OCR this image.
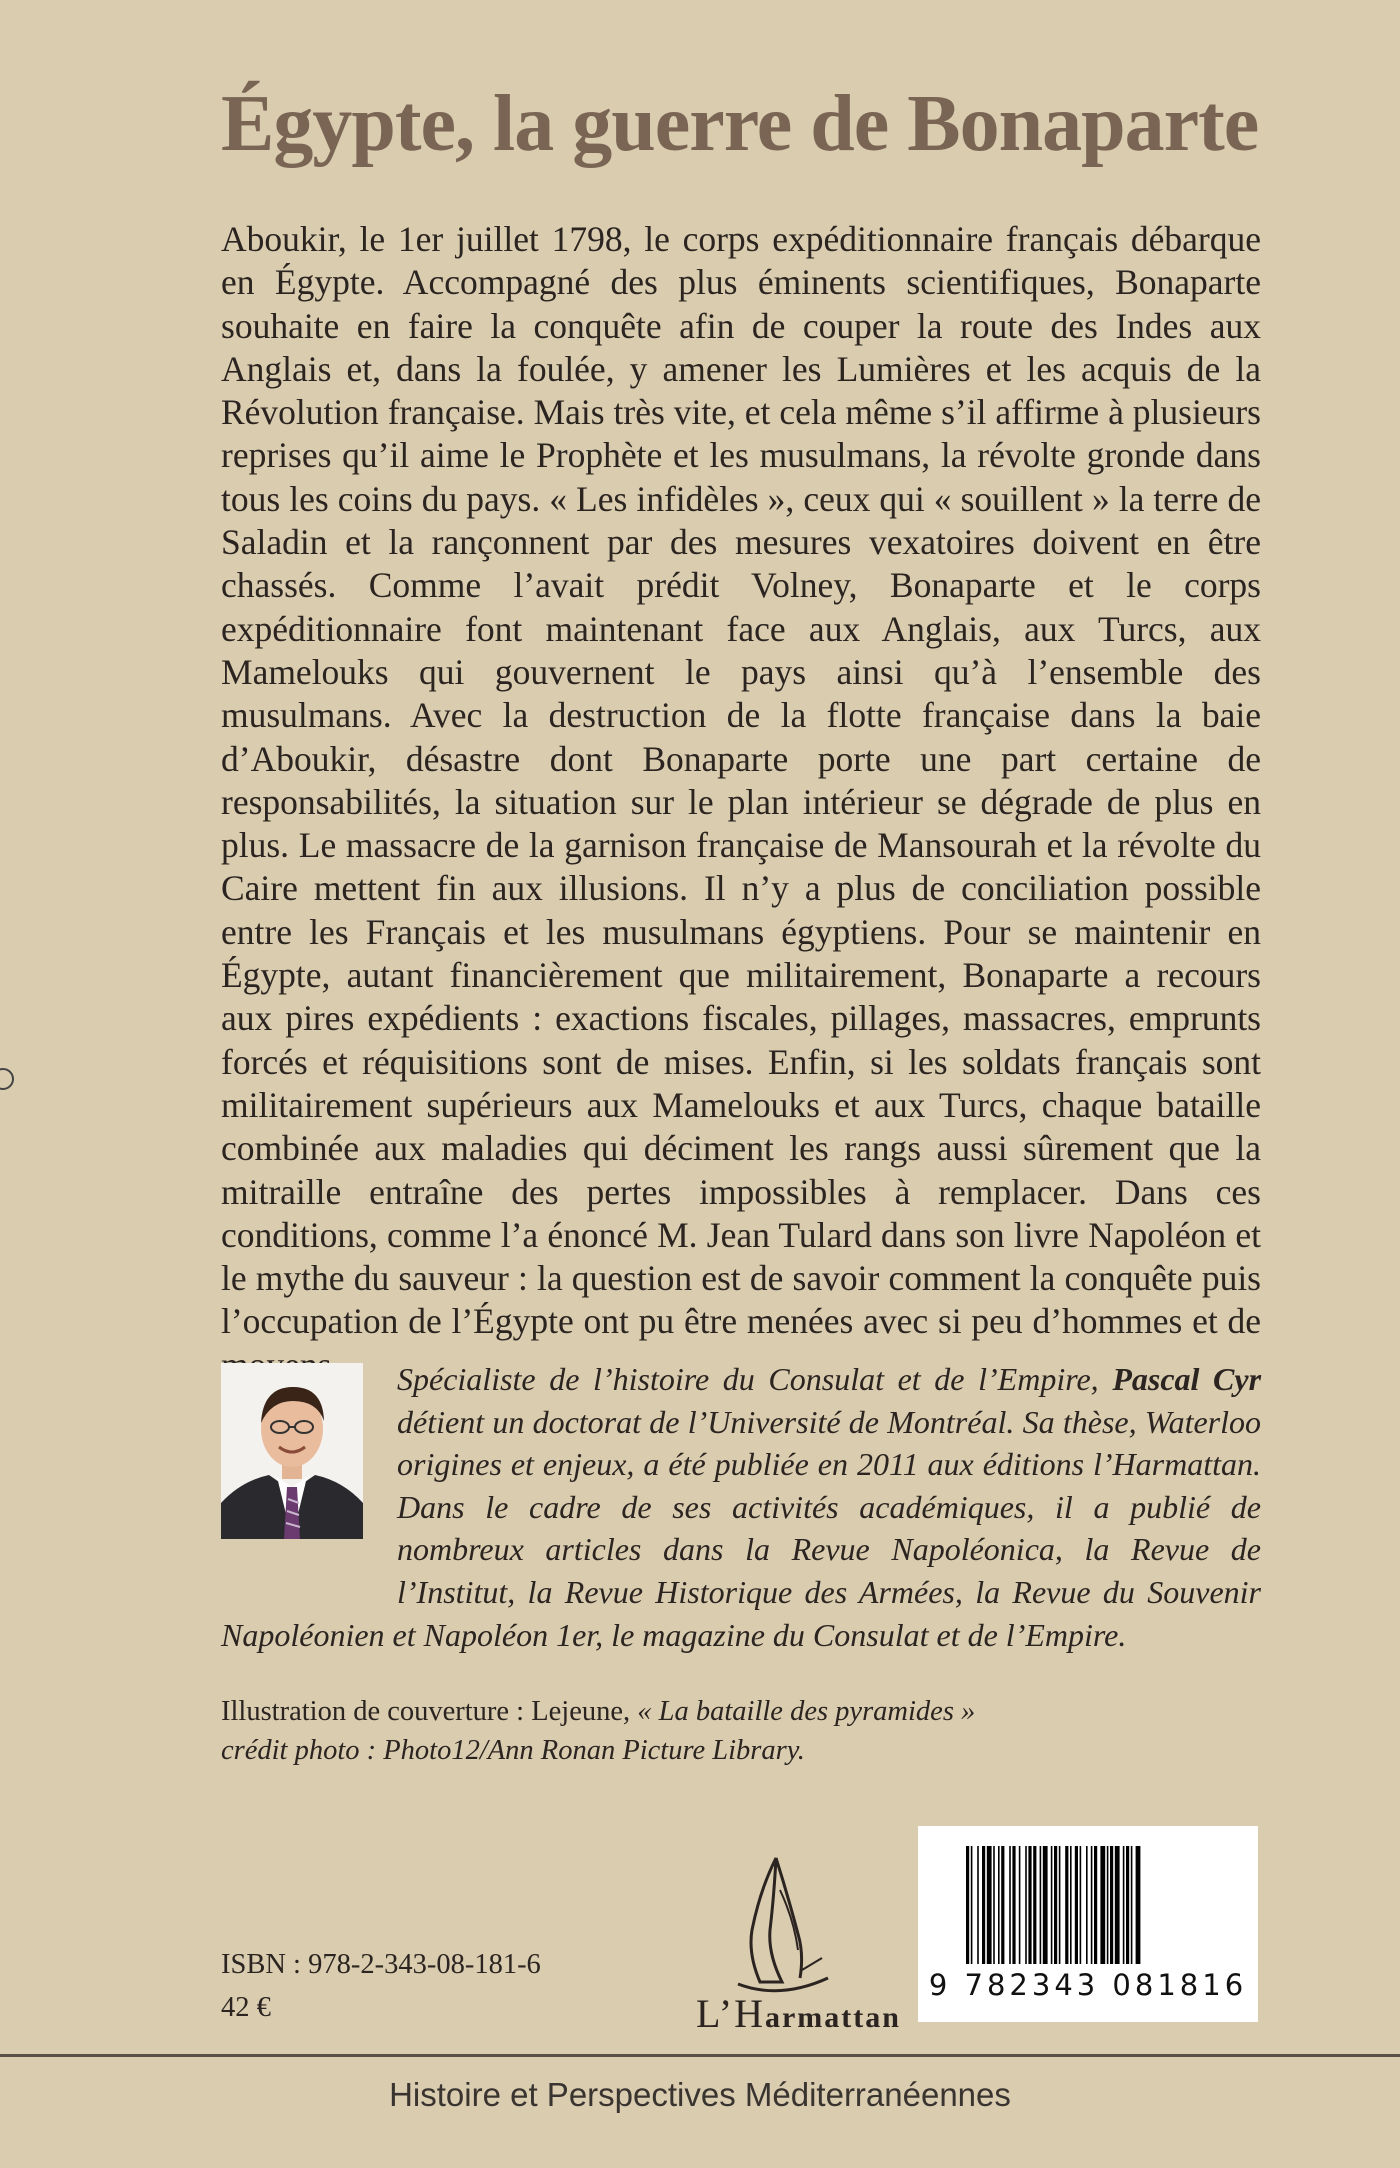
Égypte, la guerre de Bonaparte

Aboukir, le 1er juillet 1798, le corps expéditionnaire français débarque en Égypte. Accompagné des plus éminents scientifiques, Bonaparte souhaite en faire la conquête afin de couper la route des Indes aux Anglais et, dans la foulée, y amener les Lumières et les acquis de la Révolution française. Mais très vite, et cela même s’il affirme à plusieurs reprises qu’il aime le Prophète et les musulmans, la révolte gronde dans tous les coins du pays. « Les infidèles », ceux qui « souillent » la terre de Saladin et la rançonnent par des mesures vexatoires doivent en être chassés. Comme l’avait prédit Volney, Bonaparte et le corps expéditionnaire font maintenant face aux Anglais, aux Turcs, aux Mamelouks qui gouvernent le pays ainsi qu’à l’ensemble des musulmans. Avec la destruction de la flotte française dans la baie d’Aboukir, désastre dont Bonaparte porte une part certaine de responsabilités, la situation sur le plan intérieur se dégrade de plus en plus. Le massacre de la garnison française de Mansourah et la révolte du Caire mettent fin aux illusions. Il n’y a plus de conciliation possible entre les Français et les musulmans égyptiens. Pour se maintenir en Égypte, autant financièrement que militairement, Bonaparte a recours aux pires expédients : exactions fiscales, pillages, massacres, emprunts forcés et réquisitions sont de mises. Enfin, si les soldats français sont militairement supérieurs aux Mamelouks et aux Turcs, chaque bataille combinée aux maladies qui déciment les rangs aussi sûrement que la mitraille entraîne des pertes impossibles à remplacer. Dans ces conditions, comme l’a énoncé M. Jean Tulard dans son livre Napoléon et le mythe du sauveur : la question est de savoir comment la conquête puis l’occupation de l’Égypte ont pu être menées avec si peu d’hommes et de

Spécialiste de l’histoire du Consulat et de l’Empire, Pascal Cyr détient un doctorat de l’Université de Montréal. Sa thèse, Waterloo origines et enjeux, a été publiée en 2011 aux éditions l’Harmattan. Dans le cadre de ses activités académiques, il a publié de nombreux articles dans la Revue Napoléonica, la Revue de l’Institut, la Revue Historique des Armées, la Revue du Souvenir Napoléonien et Napoléon 1er, le magazine du Consulat et de l’Empire.

Illustration de couverture : Lejeune, « La bataille des pyramides »
crédit photo : Photo12/Ann Ronan Picture Library.
ISBN : 978-2-343-08-181-6
42 €	L’Harmattan
9 782343 081816
Histoire et Perspectives Méditerranéennes
